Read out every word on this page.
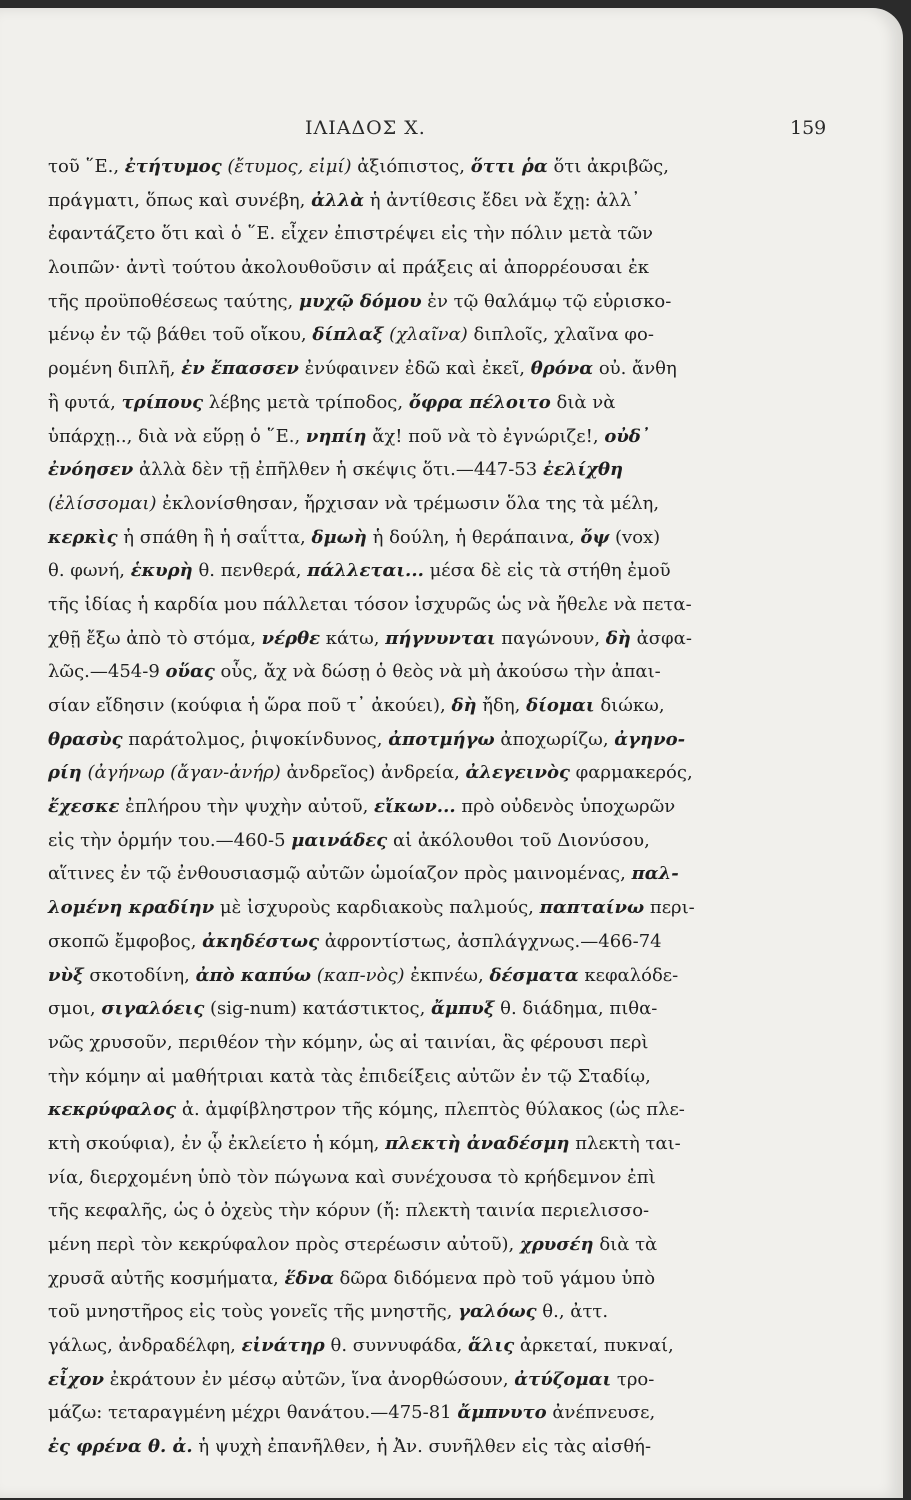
ΙΛΙΑΔΟΣ Χ.	159
τοῦ ῞Ε., ἐτήτυμος (ἔτυμος, εἰμί) ἀξιόπιστος, ὅττι ῥα ὅτι ἀκριβῶς,
πράγματι, ὅπως καὶ συνέβη, ἀλλὰ ἡ ἀντίθεσις ἔδει νὰ ἔχῃ: ἀλλ᾽
ἐφαντάζετο ὅτι καὶ ὁ ῞Ε. εἶχεν ἐπιστρέψει εἰς τὴν πόλιν μετὰ τῶν
λοιπῶν· ἀντὶ τούτου ἀκολουθοῦσιν αἱ πράξεις αἱ ἀπορρέουσαι ἐκ
τῆς προϋποθέσεως ταύτης, μυχῷ δόμου ἐν τῷ θαλάμῳ τῷ εὑρισκο-
μένῳ ἐν τῷ βάθει τοῦ οἴκου, δίπλαξ (χλαῖνα) διπλοῖς, χλαῖνα φο-
ρομένη διπλῆ, ἐν ἔπασσεν ἐνύφαινεν ἐδῶ καὶ ἐκεῖ, θρόνα οὐ. ἄνθη
ἢ φυτά, τρίπους λέβης μετὰ τρίποδος, ὄφρα πέλοιτο διὰ νὰ
ὑπάρχῃ.., διὰ νὰ εὕρῃ ὁ ῞Ε., νηπίη ἄχ! ποῦ νὰ τὸ ἐγνώριζε!, οὐδ᾽
ἐνόησεν ἀλλὰ δὲν τῇ ἐπῆλθεν ἡ σκέψις ὅτι.—447-53 ἐελίχθη
(ἐλίσσομαι) ἐκλονίσθησαν, ἤρχισαν νὰ τρέμωσιν ὅλα της τὰ μέλη,
κερκὶς ἡ σπάθη ἢ ἡ σαΐττα, δμωὴ ἡ δούλη, ἡ θεράπαινα, ὄψ (vox)
θ. φωνή, ἑκυρὴ θ. πενθερά, πάλλεται... μέσα δὲ εἰς τὰ στήθη ἐμοῦ
τῆς ἰδίας ἡ καρδία μου πάλλεται τόσον ἰσχυρῶς ὡς νὰ ἤθελε νὰ πετα-
χθῇ ἔξω ἀπὸ τὸ στόμα, νέρθε κάτω, πήγνυνται παγώνουν, δὴ ἀσφα-
λῶς.—454-9 οὕας οὗς, ἄχ νὰ δώσῃ ὁ θεὸς νὰ μὴ ἀκούσω τὴν ἀπαι-
σίαν εἴδησιν (κούφια ἡ ὥρα ποῦ τ᾽ ἀκούει), δὴ ἤδη, δίομαι διώκω,
θρασὺς παράτολμος, ῥιψοκίνδυνος, ἀποτμήγω ἀποχωρίζω, ἀγηνο-
ρίη (ἀγήνωρ (ἄγαν-ἀνήρ) ἀνδρεῖος) ἀνδρεία, ἀλεγεινὸς φαρμακερός,
ἔχεσκε ἐπλήρου τὴν ψυχὴν αὐτοῦ, εἴκων... πρὸ οὐδενὸς ὑποχωρῶν
εἰς τὴν ὁρμήν του.—460-5 μαινάδες αἱ ἀκόλουθοι τοῦ Διονύσου,
αἵτινες ἐν τῷ ἐνθουσιασμῷ αὐτῶν ὡμοίαζον πρὸς μαινομένας, παλ-
λομένη κραδίην μὲ ἰσχυροὺς καρδιακοὺς παλμούς, παπταίνω περι-
σκοπῶ ἔμφοβος, ἀκηδέστως ἀφροντίστως, ἀσπλάγχνως.—466-74
νὺξ σκοτοδίνη, ἀπὸ καπύω (καπ-νὸς) ἐκπνέω, δέσματα κεφαλόδε-
σμοι, σιγαλόεις (sig-num) κατάστικτος, ἄμπυξ θ. διάδημα, πιθα-
νῶς χρυσοῦν, περιθέον τὴν κόμην, ὡς αἱ ταινίαι, ἃς φέρουσι περὶ
τὴν κόμην αἱ μαθήτριαι κατὰ τὰς ἐπιδείξεις αὐτῶν ἐν τῷ Σταδίῳ,
κεκρύφαλος ἀ. ἀμφίβληστρον τῆς κόμης, πλεπτὸς θύλακος (ὡς πλε-
κτὴ σκούφια), ἐν ᾧ ἐκλείετο ἡ κόμη, πλεκτὴ ἀναδέσμη πλεκτὴ ται-
νία, διερχομένη ὑπὸ τὸν πώγωνα καὶ συνέχουσα τὸ κρήδεμνον ἐπὶ
τῆς κεφαλῆς, ὡς ὁ ὀχεὺς τὴν κόρυν (ἤ: πλεκτὴ ταινία περιελισσο-
μένη περὶ τὸν κεκρύφαλον πρὸς στερέωσιν αὐτοῦ), χρυσέη διὰ τὰ
χρυσᾶ αὐτῆς κοσμήματα, ἕδνα δῶρα διδόμενα πρὸ τοῦ γάμου ὑπὸ
τοῦ μνηστῆρος εἰς τοὺς γονεῖς τῆς μνηστῆς, γαλόως θ., ἀττ.
γάλως, ἀνδραδέλφη, εἰνάτηρ θ. συννυφάδα, ἅλις ἀρκεταί, πυκναί,
εἶχον ἐκράτουν ἐν μέσῳ αὐτῶν, ἵνα ἀνορθώσουν, ἀτύζομαι τρο-
μάζω: τεταραγμένη μέχρι θανάτου.—475-81 ἄμπνυτο ἀνέπνευσε,
ἐς φρένα θ. ἀ. ἡ ψυχὴ ἐπανῆλθεν, ἡ Ἀν. συνῆλθεν εἰς τὰς αἰσθή-
